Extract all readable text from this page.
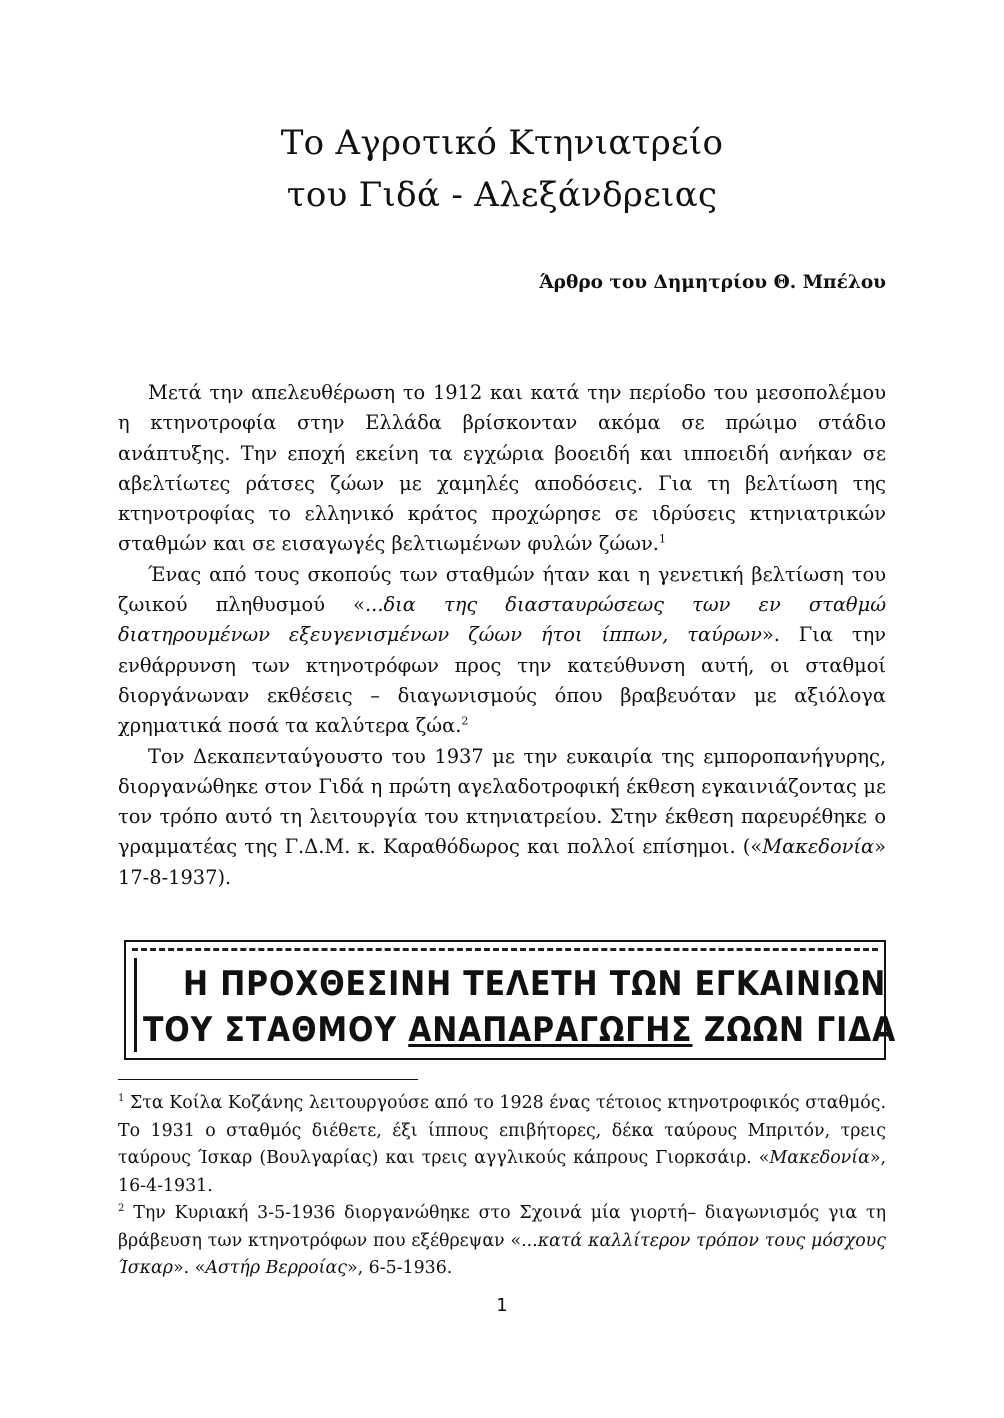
Το Αγροτικό Κτηνιατρείο
του Γιδά - Αλεξάνδρειας
Άρθρο του Δημητρίου Θ. Μπέλου

Μετά την απελευθέρωση το 1912 και κατά την περίοδο του μεσοπολέμου η κτηνοτροφία στην Ελλάδα βρίσκονταν ακόμα σε πρώιμο στάδιο ανάπτυξης. Την εποχή εκείνη τα εγχώρια βοοειδή και ιπποειδή ανήκαν σε αβελτίωτες ράτσες ζώων με χαμηλές αποδόσεις. Για τη βελτίωση της κτηνοτροφίας το ελληνικό κράτος προχώρησε σε ιδρύσεις κτηνιατρικών σταθμών και σε εισαγωγές βελτιωμένων φυλών ζώων.$^1$

Ένας από τους σκοπούς των σταθμών ήταν και η γενετική βελτίωση του ζωικού πληθυσμού «...δια της διασταυρώσεως των εν σταθμώ διατηρουμένων εξευγενισμένων ζώων ήτοι ίππων, ταύρων». Για την ενθάρρυνση των κτηνοτρόφων προς την κατεύθυνση αυτή, οι σταθμοί διοργάνωναν εκθέσεις – διαγωνισμούς όπου βραβευόταν με αξιόλογα χρηματικά ποσά τα καλύτερα ζώα.$^2$

Τον Δεκαπενταύγουστο του 1937 με την ευκαιρία της εμποροπανήγυρης, διοργανώθηκε στον Γιδά η πρώτη αγελαδοτροφική έκθεση εγκαινιάζοντας με τον τρόπο αυτό τη λειτουργία του κτηνιατρείου. Στην έκθεση παρευρέθηκε ο γραμματέας της Γ.Δ.Μ. κ. Καραθόδωρος και πολλοί επίσημοι. («Μακεδονία» 17-8-1937).

Η ΠΡΟΧΘΕΣΙΝΗ ΤΕΛΕΤΗ ΤΩΝ ΕΓΚΑΙΝΙΩΝ
ΤΟΥ ΣΤΑΘΜΟΥ ΑΝΑΠΑΡΑΓΩΓΗΣ ΖΩΩΝ ΓΙΔΑ

$^1$ Στα Κοίλα Κοζάνης λειτουργούσε από το 1928 ένας τέτοιος κτηνοτροφικός σταθμός. Το 1931 ο σταθμός διέθετε, έξι ίππους επιβήτορες, δέκα ταύρους Μπριτόν, τρεις ταύρους Ίσκαρ (Βουλγαρίας) και τρεις αγγλικούς κάπρους Γιορκσάιρ. «Μακεδονία», 16-4-1931.

$^2$ Την Κυριακή 3-5-1936 διοργανώθηκε στο Σχοινά μία γιορτή– διαγωνισμός για τη βράβευση των κτηνοτρόφων που εξέθρεψαν «...κατά καλλίτερον τρόπον τους μόσχους Ίσκαρ». «Αστήρ Βερροίας», 6-5-1936.

1
